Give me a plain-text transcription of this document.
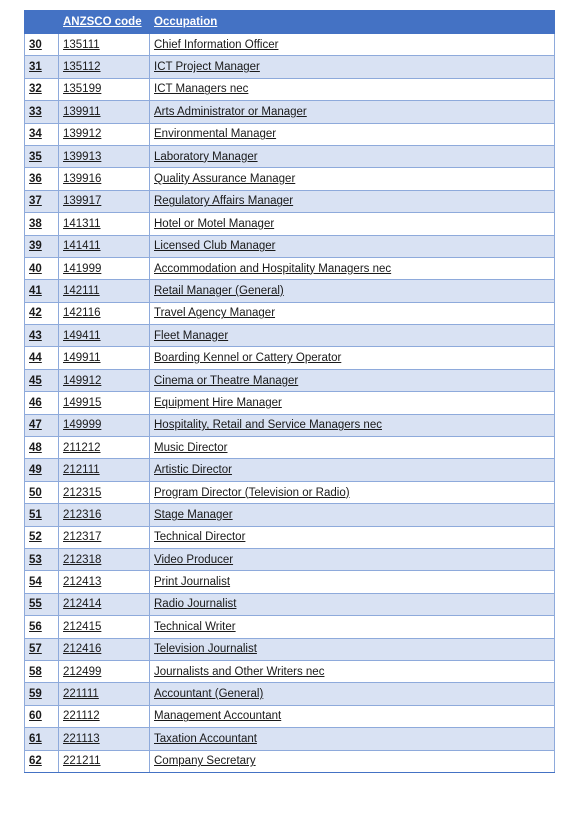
	ANZSCO code	Occupation
30	135111	Chief Information Officer
31	135112	ICT Project Manager
32	135199	ICT Managers nec
33	139911	Arts Administrator or Manager
34	139912	Environmental Manager
35	139913	Laboratory Manager
36	139916	Quality Assurance Manager
37	139917	Regulatory Affairs Manager
38	141311	Hotel or Motel Manager
39	141411	Licensed Club Manager
40	141999	Accommodation and Hospitality Managers nec
41	142111	Retail Manager (General)
42	142116	Travel Agency Manager
43	149411	Fleet Manager
44	149911	Boarding Kennel or Cattery Operator
45	149912	Cinema or Theatre Manager
46	149915	Equipment Hire Manager
47	149999	Hospitality, Retail and Service Managers nec
48	211212	Music Director
49	212111	Artistic Director
50	212315	Program Director (Television or Radio)
51	212316	Stage Manager
52	212317	Technical Director
53	212318	Video Producer
54	212413	Print Journalist
55	212414	Radio Journalist
56	212415	Technical Writer
57	212416	Television Journalist
58	212499	Journalists and Other Writers nec
59	221111	Accountant (General)
60	221112	Management Accountant
61	221113	Taxation Accountant
62	221211	Company Secretary
